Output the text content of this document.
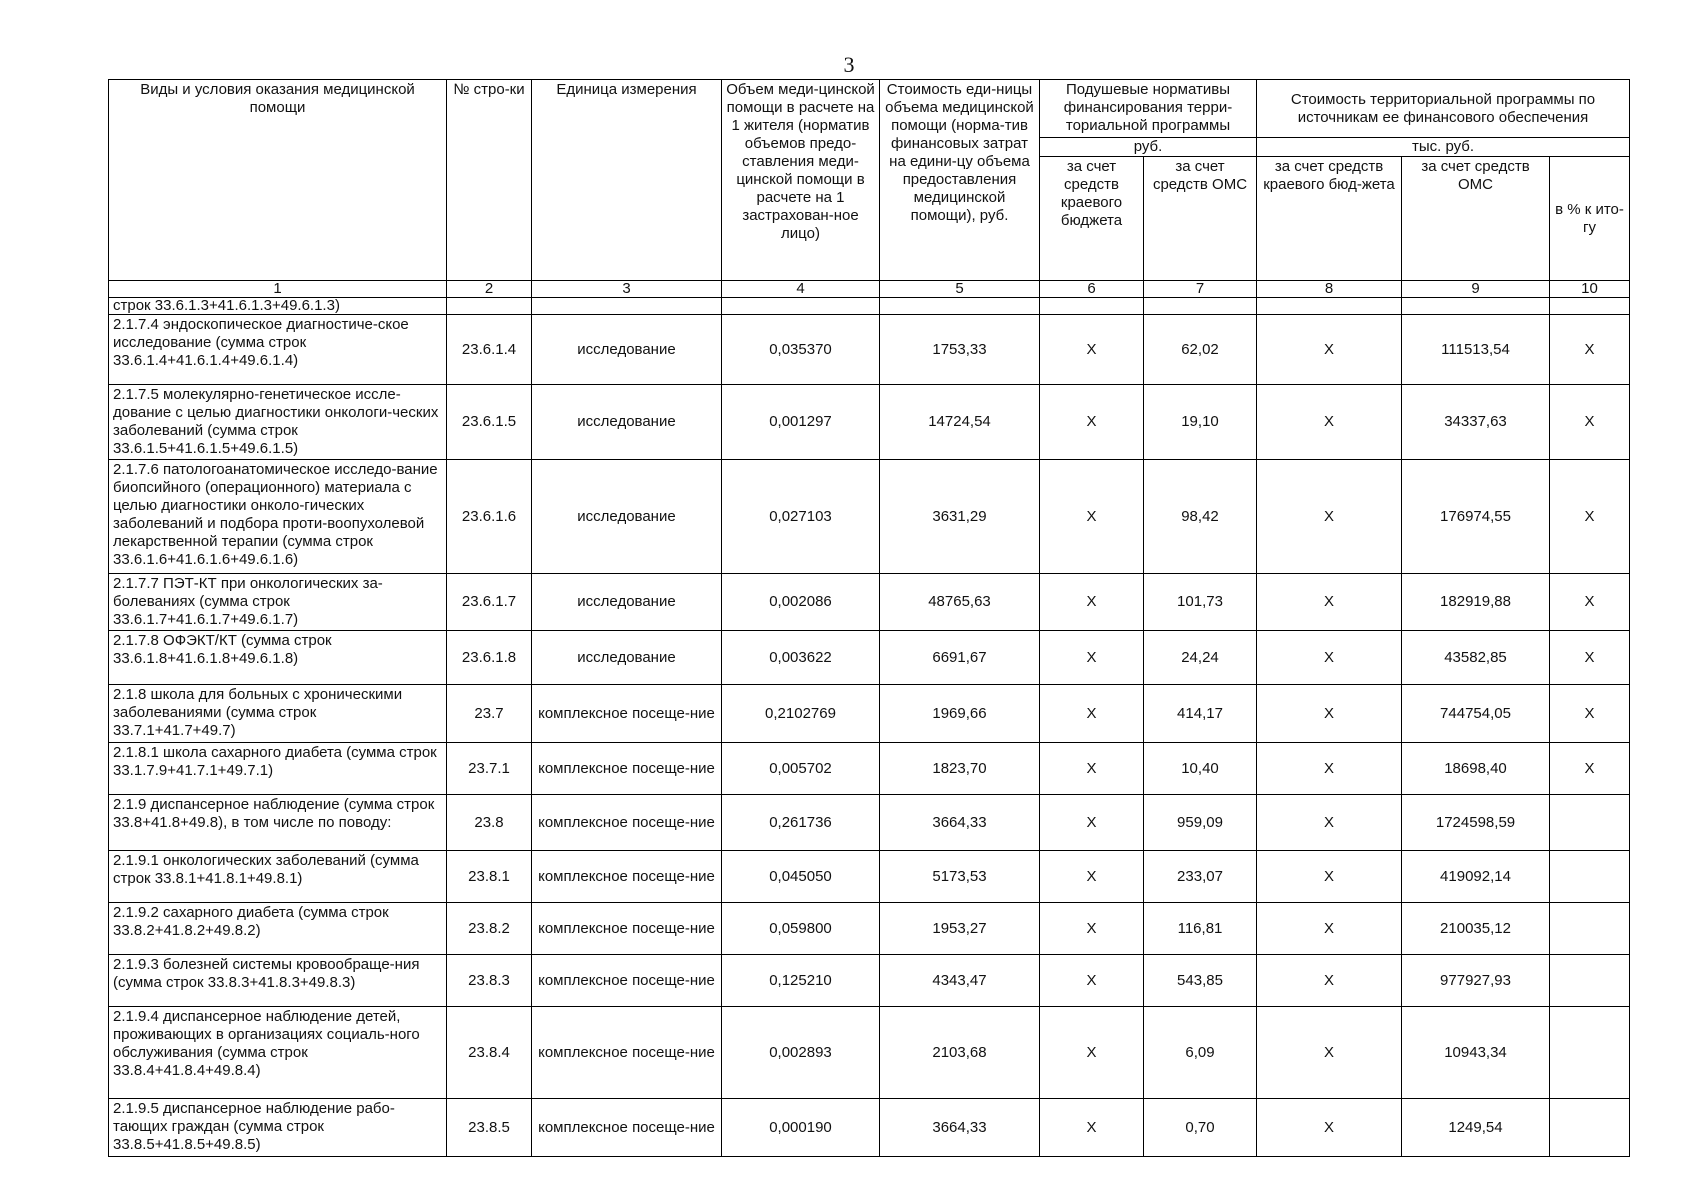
3
Виды и условия оказания медицинской помощи	№ стро-ки	Единица измерения	Объем меди-цинской помощи в расчете на 1 жителя (норматив объемов предо-ставления меди-цинской помощи в расчете на 1 застрахован-ное лицо)	Стоимость еди-ницы объема медицинской помощи (норма-тив финансовых затрат на едини-цу объема предоставления медицинской помощи), руб.	Подушевые нормативы финансирования терри-ториальной программы		Стоимость территориальной программы по источникам ее финансового обеспечения		
					руб.		тыс. руб.		
					за счет средств краевого бюджета	за счет средств ОМС	за счет средств краевого бюд-жета	за счет средств ОМС	в % к ито-гу
1	2	3	4	5	6	7	8	9	10
строк 33.6.1.3+41.6.1.3+49.6.1.3)									
2.1.7.4 эндоскопическое диагностиче-ское исследование (сумма строк 33.6.1.4+41.6.1.4+49.6.1.4)	23.6.1.4	исследование	0,035370	1753,33	X	62,02	X	111513,54	X
2.1.7.5 молекулярно-генетическое иссле-дование с целью диагностики онкологи-ческих заболеваний (сумма строк 33.6.1.5+41.6.1.5+49.6.1.5)	23.6.1.5	исследование	0,001297	14724,54	X	19,10	X	34337,63	X
2.1.7.6 патологоанатомическое исследо-вание биопсийного (операционного) материала с целью диагностики онколо-гических заболеваний и подбора проти-воопухолевой лекарственной терапии (сумма строк 33.6.1.6+41.6.1.6+49.6.1.6)	23.6.1.6	исследование	0,027103	3631,29	X	98,42	X	176974,55	X
2.1.7.7 ПЭТ-КТ при онкологических за-болеваниях (сумма строк 33.6.1.7+41.6.1.7+49.6.1.7)	23.6.1.7	исследование	0,002086	48765,63	X	101,73	X	182919,88	X
2.1.7.8 ОФЭКТ/КТ (сумма строк 33.6.1.8+41.6.1.8+49.6.1.8)	23.6.1.8	исследование	0,003622	6691,67	X	24,24	X	43582,85	X
2.1.8 школа для больных с хроническими заболеваниями (сумма строк 33.7.1+41.7+49.7)	23.7	комплексное посеще-ние	0,2102769	1969,66	X	414,17	X	744754,05	X
2.1.8.1 школа сахарного диабета (сумма строк 33.1.7.9+41.7.1+49.7.1)	23.7.1	комплексное посеще-ние	0,005702	1823,70	X	10,40	X	18698,40	X
2.1.9 диспансерное наблюдение (сумма строк 33.8+41.8+49.8), в том числе по поводу:	23.8	комплексное посеще-ние	0,261736	3664,33	X	959,09	X	1724598,59	
2.1.9.1 онкологических заболеваний (сумма строк 33.8.1+41.8.1+49.8.1)	23.8.1	комплексное посеще-ние	0,045050	5173,53	X	233,07	X	419092,14	
2.1.9.2 сахарного диабета (сумма строк 33.8.2+41.8.2+49.8.2)	23.8.2	комплексное посеще-ние	0,059800	1953,27	X	116,81	X	210035,12	
2.1.9.3 болезней системы кровообраще-ния (сумма строк 33.8.3+41.8.3+49.8.3)	23.8.3	комплексное посеще-ние	0,125210	4343,47	X	543,85	X	977927,93	
2.1.9.4 диспансерное наблюдение детей, проживающих в организациях социаль-ного обслуживания (сумма строк 33.8.4+41.8.4+49.8.4)	23.8.4	комплексное посеще-ние	0,002893	2103,68	X	6,09	X	10943,34	
2.1.9.5 диспансерное наблюдение рабо-тающих граждан (сумма строк 33.8.5+41.8.5+49.8.5)	23.8.5	комплексное посеще-ние	0,000190	3664,33	X	0,70	X	1249,54	
